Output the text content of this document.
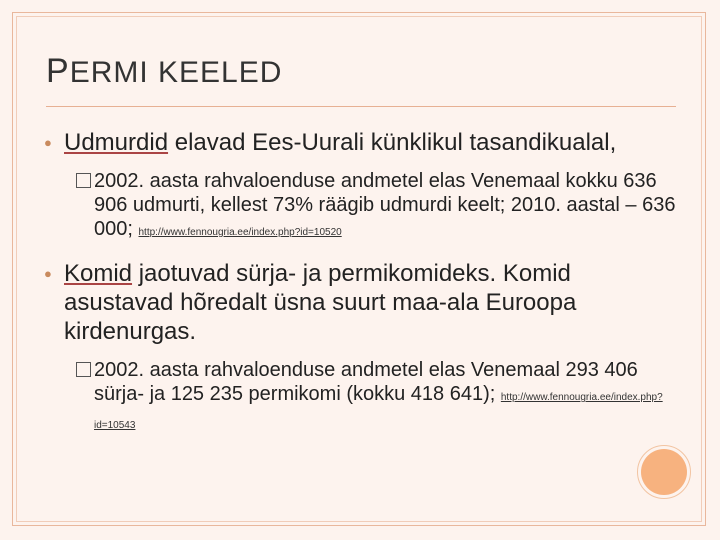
PERMI KEELED
● Udmurdid elavad Ees-Uurali künklikul tasandikualal,
2002. aasta rahvaloenduse andmetel elas Venemaal kokku 636 906 udmurti, kellest 73% räägib udmurdi keelt; 2010. aastal – 636 000; http://www.fennougria.ee/index.php?id=10520
● Komid jaotuvad sürja- ja permikomideks. Komid asustavad hõredalt üsna suurt maa-ala Euroopa kirdenurgas.
2002. aasta rahvaloenduse andmetel elas Venemaal 293 406 sürja- ja 125 235 permikomi (kokku 418 641); http://www.fennougria.ee/index.php?id=10543
